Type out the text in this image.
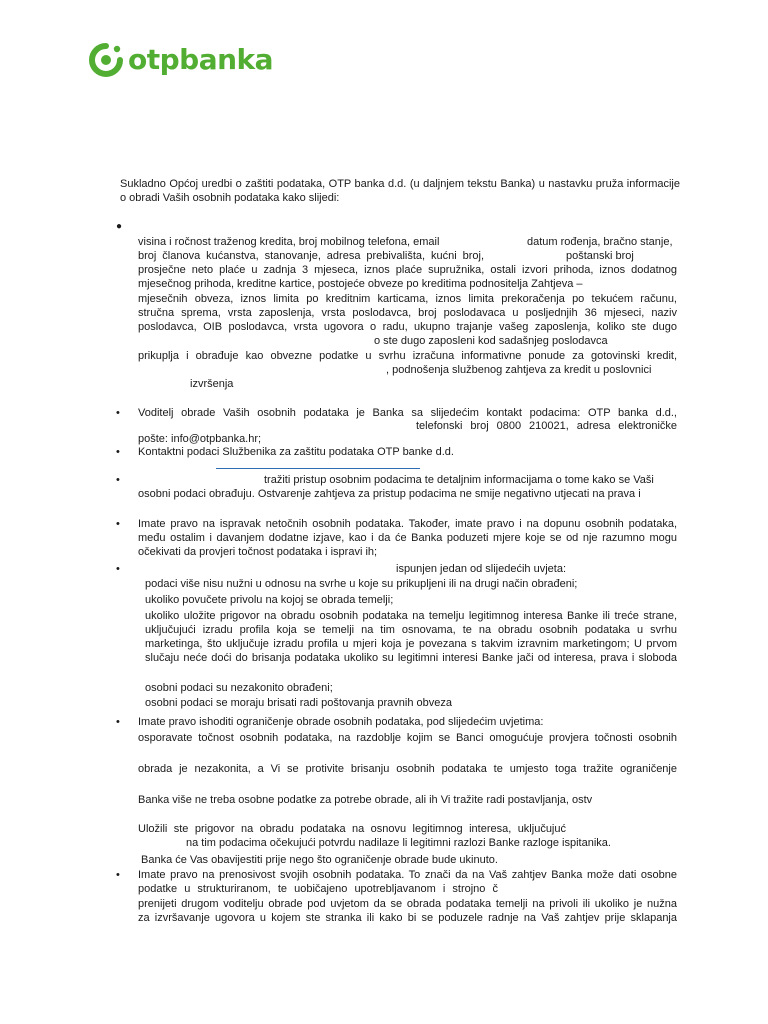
otpbanka
Sukladno Općoj uredbi o zaštiti podataka, OTP banka d.d. (u daljnjem tekstu Banka) u nastavku pruža informacije
o obradi Vaših osobnih podataka kako slijedi:
●
visina i ročnost traženog kredita, broj mobilnog telefona, email	datum rođenja, bračno stanje,
broj članova kućanstva, stanovanje, adresa prebivališta, kućni broj,	poštanski broj
prosječne neto plaće u zadnja 3 mjeseca, iznos plaće supružnika, ostali izvori prihoda, iznos dodatnog
mjesečnog prihoda, kreditne kartice, postojeće obveze po kreditima podnositelja Zahtjeva –
mjesečnih obveza, iznos limita po kreditnim karticama, iznos limita prekoračenja po tekućem računu,
stručna sprema, vrsta zaposlenja, vrsta poslodavca, broj poslodavaca u posljednjih 36 mjeseci, naziv
poslodavca, OIB poslodavca, vrsta ugovora o radu, ukupno trajanje vašeg zaposlenja, koliko ste dugo
o ste dugo zaposleni kod sadašnjeg poslodavca
prikuplja i obrađuje kao obvezne podatke u svrhu izračuna informativne ponude za gotovinski kredit,
, podnošenja službenog zahtjeva za kredit u poslovnici
izvršenja
• Voditelj obrade Vaših osobnih podataka je Banka sa slijedećim kontakt podacima: OTP banka d.d.,
telefonski broj 0800 210021, adresa elektroničke
pošte: info@otpbanka.hr;
• Kontaktni podaci Službenika za zaštitu podataka OTP banke d.d.
•	tražiti pristup osobnim podacima te detaljnim informacijama o tome kako se Vaši
osobni podaci obrađuju. Ostvarenje zahtjeva za pristup podacima ne smije negativno utjecati na prava i
• Imate pravo na ispravak netočnih osobnih podataka. Također, imate pravo i na dopunu osobnih podataka,
među ostalim i davanjem dodatne izjave, kao i da će Banka poduzeti mjere koje se od nje razumno mogu
očekivati da provjeri točnost podataka i ispravi ih;
•	ispunjen jedan od slijedećih uvjeta:
podaci više nisu nužni u odnosu na svrhe u koje su prikupljeni ili na drugi način obrađeni;
ukoliko povučete privolu na kojoj se obrada temelji;
ukoliko uložite prigovor na obradu osobnih podataka na temelju legitimnog interesa Banke ili treće strane,
uključujući izradu profila koja se temelji na tim osnovama, te na obradu osobnih podataka u svrhu
marketinga, što uključuje izradu profila u mjeri koja je povezana s takvim izravnim marketingom; U prvom
slučaju neće doći do brisanja podataka ukoliko su legitimni interesi Banke jači od interesa, prava i sloboda
osobni podaci su nezakonito obrađeni;
osobni podaci se moraju brisati radi poštovanja pravnih obveza
• Imate pravo ishoditi ograničenje obrade osobnih podataka, pod slijedećim uvjetima:
osporavate točnost osobnih podataka, na razdoblje kojim se Banci omogućuje provjera točnosti osobnih
obrada je nezakonita, a Vi se protivite brisanju osobnih podataka te umjesto toga tražite ograničenje
Banka više ne treba osobne podatke za potrebe obrade, ali ih Vi tražite radi postavljanja, ostv
Uložili ste prigovor na obradu podataka na osnovu legitimnog interesa, uključujuć
na tim podacima očekujući potvrdu nadilaze li legitimni razlozi Banke razloge ispitanika.
Banka će Vas obavijestiti prije nego što ograničenje obrade bude ukinuto.
• Imate pravo na prenosivost svojih osobnih podataka. To znači da na Vaš zahtjev Banka može dati osobne
podatke u strukturiranom, te uobičajeno upotrebljavanom i strojno č
prenijeti drugom voditelju obrade pod uvjetom da se obrada podataka temelji na privoli ili ukoliko je nužna
za izvršavanje ugovora u kojem ste stranka ili kako bi se poduzele radnje na Vaš zahtjev prije sklapanja
